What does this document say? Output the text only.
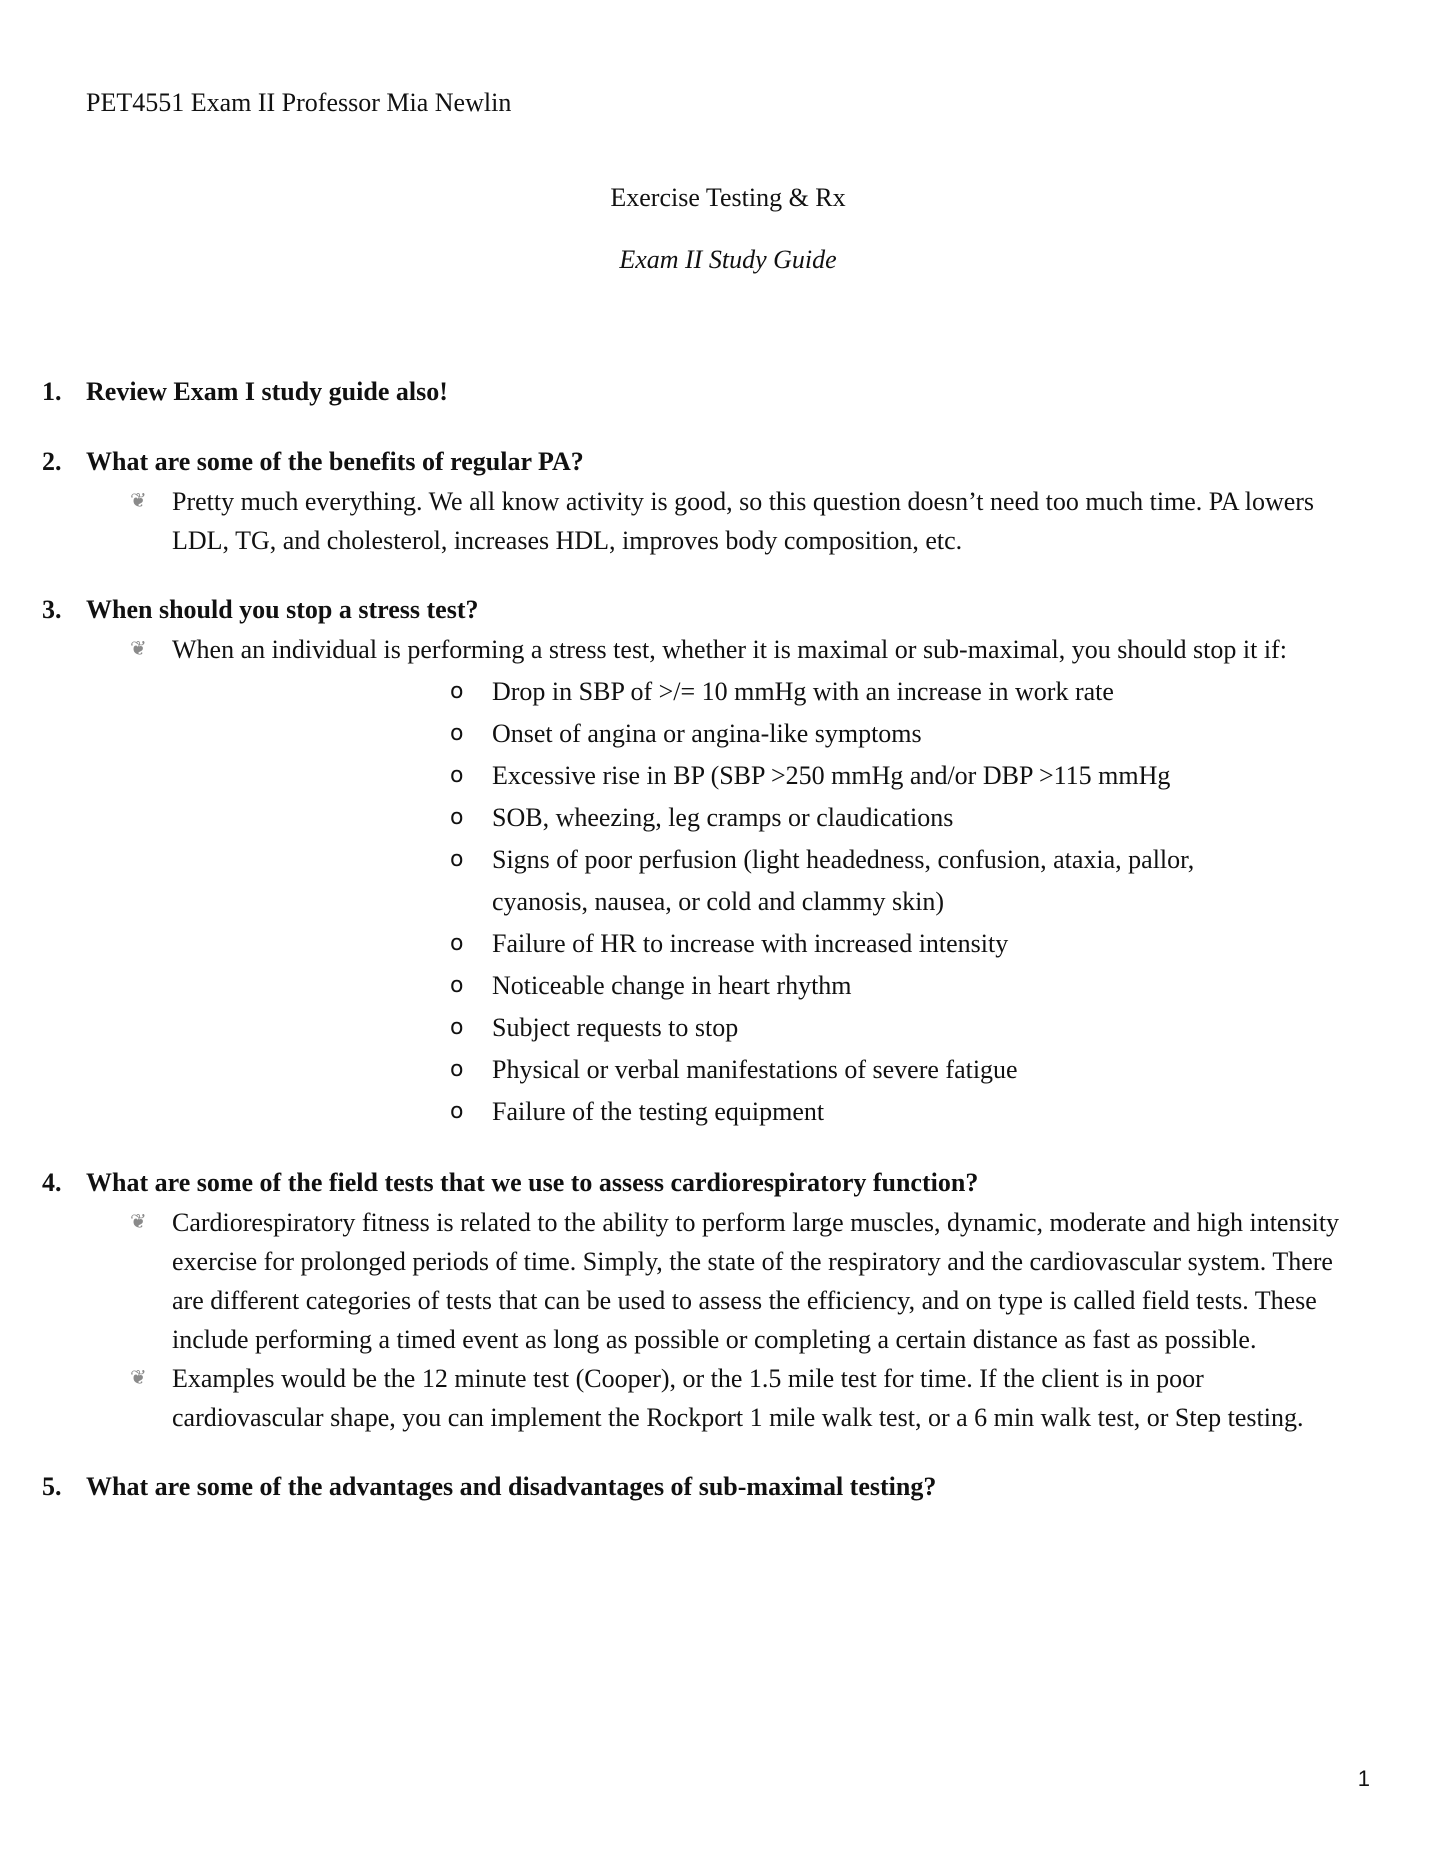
PET4551 Exam II Professor Mia Newlin
Exercise Testing & Rx
Exam II Study Guide
1. Review Exam I study guide also!
2. What are some of the benefits of regular PA?
❦ Pretty much everything. We all know activity is good, so this question doesn’t need too much time. PA lowers LDL, TG, and cholesterol, increases HDL, improves body composition, etc.
3. When should you stop a stress test?
❦ When an individual is performing a stress test, whether it is maximal or sub-maximal, you should stop it if:
o Drop in SBP of >/= 10 mmHg with an increase in work rate
o Onset of angina or angina-like symptoms
o Excessive rise in BP (SBP >250 mmHg and/or DBP >115 mmHg
o SOB, wheezing, leg cramps or claudications
o Signs of poor perfusion (light headedness, confusion, ataxia, pallor, cyanosis, nausea, or cold and clammy skin)
o Failure of HR to increase with increased intensity
o Noticeable change in heart rhythm
o Subject requests to stop
o Physical or verbal manifestations of severe fatigue
o Failure of the testing equipment
4. What are some of the field tests that we use to assess cardiorespiratory function?
❦ Cardiorespiratory fitness is related to the ability to perform large muscles, dynamic, moderate and high intensity exercise for prolonged periods of time. Simply, the state of the respiratory and the cardiovascular system. There are different categories of tests that can be used to assess the efficiency, and on type is called field tests. These include performing a timed event as long as possible or completing a certain distance as fast as possible.
❦ Examples would be the 12 minute test (Cooper), or the 1.5 mile test for time. If the client is in poor cardiovascular shape, you can implement the Rockport 1 mile walk test, or a 6 min walk test, or Step testing.
5. What are some of the advantages and disadvantages of sub-maximal testing?
1
